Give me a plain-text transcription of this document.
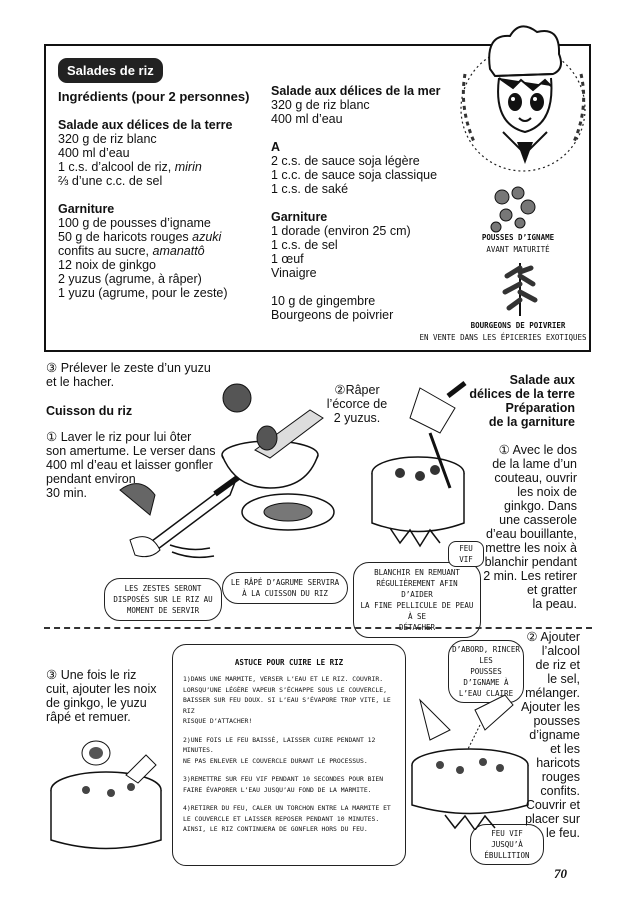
Salades de riz
Ingrédients (pour 2 personnes)
Salade aux délices de la terre
320 g de riz blanc
400 ml d’eau
1 c.s. d’alcool de riz, mirin
⅔ d’une c.c. de sel
Garniture
100 g de pousses d’igname
50 g de haricots rouges azuki
confits au sucre, amanattô
12 noix de ginkgo
2 yuzus (agrume, à râper)
1 yuzu (agrume, pour le zeste)
Salade aux délices de la mer
320 g de riz blanc
400 ml d’eau
A
2 c.s. de sauce soja légère
1 c.c. de sauce soja classique
1 c.s. de saké
Garniture
1 dorade (environ 25 cm)
1 c.s. de sel
1 œuf
Vinaigre
10 g de gingembre
Bourgeons de poivrier
POUSSES D’IGNAME
AVANT MATURITÉ
BOURGEONS DE POIVRIER
EN VENTE DANS LES ÉPICERIES EXOTIQUES
③ Prélever le zeste d’un yuzu
et le hacher.
Cuisson du riz
① Laver le riz pour lui ôter
son amertume. Le verser dans
400 ml d’eau et laisser gonfler
pendant environ
30 min.
②Râper
l’écorce de
2 yuzus.
Salade aux
délices de la terre
Préparation
de la garniture
① Avec le dos
de la lame d’un
couteau, ouvrir
les noix de
ginkgo. Dans
une casserole
d’eau bouillante,
mettre les noix à
blanchir pendant
2 min. Les retirer
et gratter
la peau.
LES ZESTES SERONT
DISPOSÉS SUR LE RIZ AU
MOMENT DE SERVIR
LE RÂPÉ D’AGRUME SERVIRA
À LA CUISSON DU RIZ
BLANCHIR EN REMUANT
RÉGULIÈREMENT AFIN D’AIDER
LA FINE PELLICULE DE PEAU À SE
DÉTACHER
FEU VIF
③ Une fois le riz
cuit, ajouter les noix
de ginkgo, le yuzu
râpé et remuer.
ASTUCE POUR CUIRE LE RIZ
1)DANS UNE MARMITE, VERSER L’EAU ET LE RIZ. COUVRIR.
LORSQU’UNE LÉGÈRE VAPEUR S’ÉCHAPPE SOUS LE COUVERCLE,
BAISSER SUR FEU DOUX. SI L’EAU S’ÉVAPORE TROP VITE, LE RIZ
RISQUE D’ATTACHER!
2)UNE FOIS LE FEU BAISSÉ, LAISSER CUIRE PENDANT 12 MINUTES.
NE PAS ENLEVER LE COUVERCLE DURANT LE PROCESSUS.
3)REMETTRE SUR FEU VIF PENDANT 10 SECONDES POUR BIEN
FAIRE ÉVAPORER L’EAU JUSQU’AU FOND DE LA MARMITE.
4)RETIRER DU FEU, CALER UN TORCHON ENTRE LA MARMITE ET
LE COUVERCLE ET LAISSER REPOSER PENDANT 10 MINUTES.
AINSI, LE RIZ CONTINUERA DE GONFLER HORS DU FEU.
D’ABORD, RINCER LES
POUSSES D’IGNAME À
L’EAU CLAIRE
FEU VIF JUSQU’À
ÉBULLITION
② Ajouter
l’alcool
de riz et
le sel,
mélanger.
Ajouter les
pousses
d’igname
et les
haricots
rouges
confits.
Couvrir et
placer sur
le feu.
70
